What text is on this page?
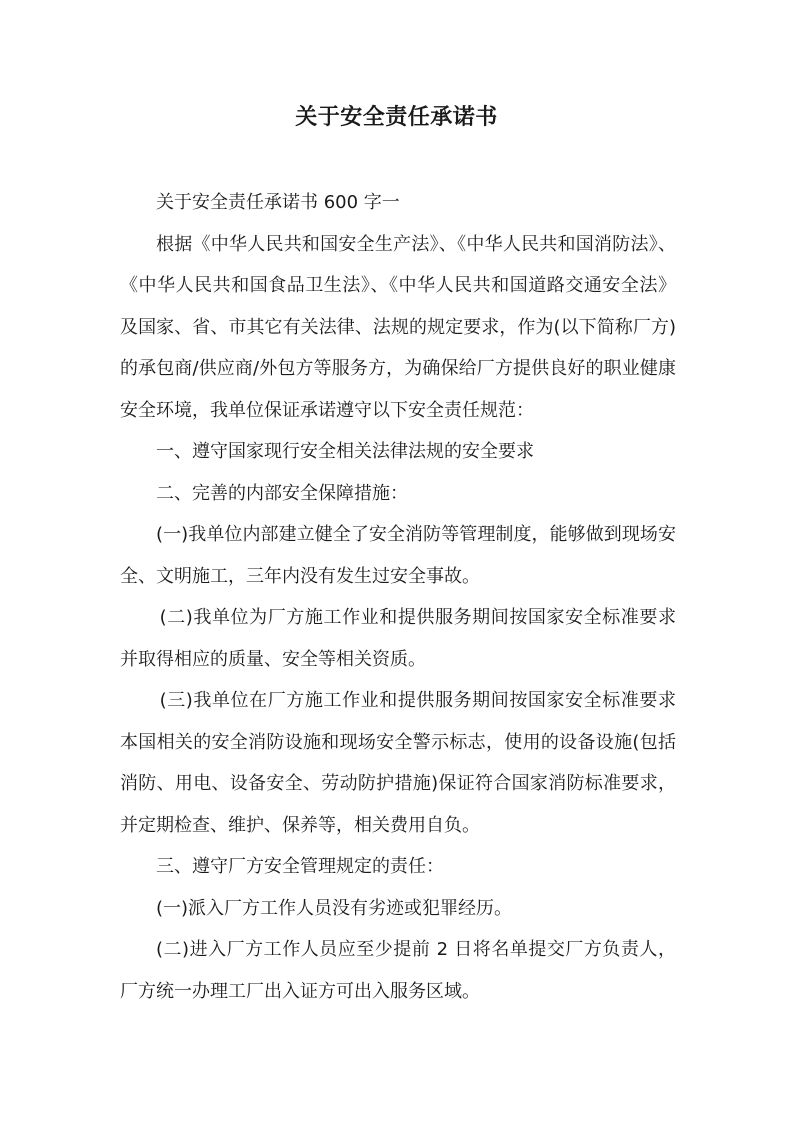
关于安全责任承诺书

关于安全责任承诺书 600 字一

根据《中华人民共和国安全生产法》、《中华人民共和国消防法》、《中华人民共和国食品卫生法》、《中华人民共和国道路交通安全法》及国家、省、市其它有关法律、法规的规定要求，作为(以下简称厂方)的承包商/供应商/外包方等服务方，为确保给厂方提供良好的职业健康安全环境，我单位保证承诺遵守以下安全责任规范：

一、遵守国家现行安全相关法律法规的安全要求

二、完善的内部安全保障措施：

(一)我单位内部建立健全了安全消防等管理制度，能够做到现场安全、文明施工，三年内没有发生过安全事故。

(二)我单位为厂方施工作业和提供服务期间按国家安全标准要求并取得相应的质量、安全等相关资质。

(三)我单位在厂方施工作业和提供服务期间按国家安全标准要求本国相关的安全消防设施和现场安全警示标志，使用的设备设施(包括消防、用电、设备安全、劳动防护措施)保证符合国家消防标准要求，并定期检查、维护、保养等，相关费用自负。

三、遵守厂方安全管理规定的责任：

(一)派入厂方工作人员没有劣迹或犯罪经历。

(二)进入厂方工作人员应至少提前 2 日将名单提交厂方负责人，厂方统一办理工厂出入证方可出入服务区域。
